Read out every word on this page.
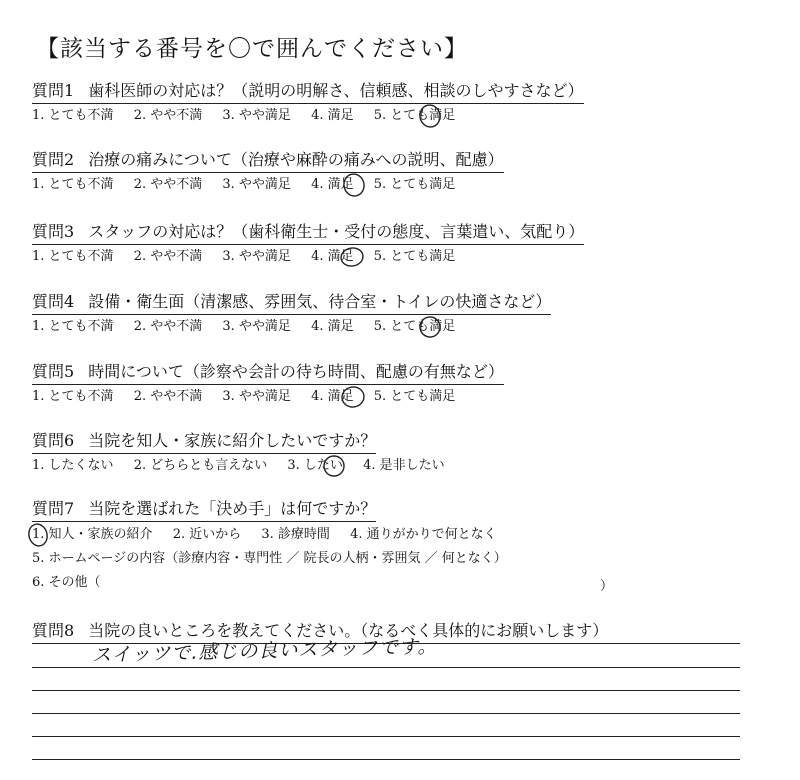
【該当する番号を〇で囲んでください】
質問1 歯科医師の対応は？（説明の明解さ、信頼感、相談のしやすさなど）
1. とても不満 2. やや不満 3. やや満足 4. 満足 5. とても満足
質問2 治療の痛みについて（治療や麻酔の痛みへの説明、配慮）
1. とても不満 2. やや不満 3. やや満足 4. 満足 5. とても満足
質問3 スタッフの対応は？（歯科衛生士・受付の態度、言葉遣い、気配り）
1. とても不満 2. やや不満 3. やや満足 4. 満足 5. とても満足
質問4 設備・衛生面（清潔感、雰囲気、待合室・トイレの快適さなど）
1. とても不満 2. やや不満 3. やや満足 4. 満足 5. とても満足
質問5 時間について（診察や会計の待ち時間、配慮の有無など）
1. とても不満 2. やや不満 3. やや満足 4. 満足 5. とても満足
質問6 当院を知人・家族に紹介したいですか？
1. したくない 2. どちらとも言えない 3. したい 4. 是非したい
質問7 当院を選ばれた「決め手」は何ですか？
1. 知人・家族の紹介 2. 近いから 3. 診療時間 4. 通りがかりで何となく
5. ホームページの内容（診療内容・専門性 ／ 院長の人柄・雰囲気 ／ 何となく）
6. その他（	）
質問8 当院の良いところを教えてください。（なるべく具体的にお願いします）
スイッツで.感じの良いスタッフです。
